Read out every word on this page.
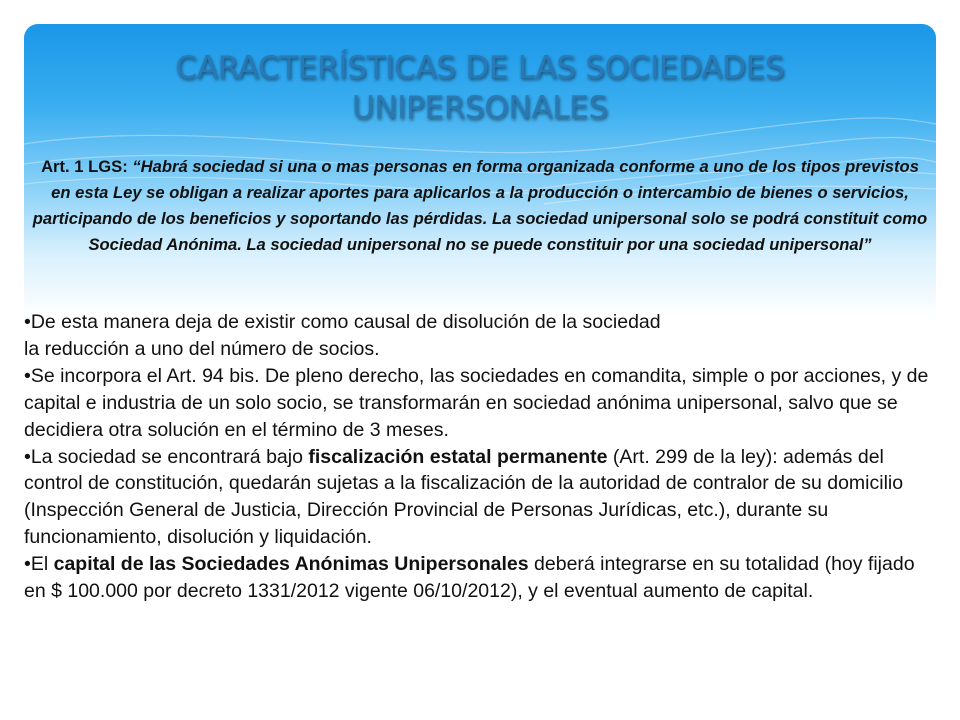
CARACTERÍSTICAS DE LAS SOCIEDADES
UNIPERSONALES
Art. 1 LGS: “Habrá sociedad si una o mas personas en forma organizada conforme a uno de los tipos previstos en esta Ley se obligan a realizar aportes para aplicarlos a la producción o intercambio de bienes o servicios, participando de los beneficios y soportando las pérdidas. La sociedad unipersonal solo se podrá constituit como Sociedad Anónima. La sociedad unipersonal no se puede constituir por una sociedad unipersonal”

•De esta manera deja de existir como causal de disolución de la sociedad
la reducción a uno del número de socios.

•Se incorpora el Art. 94 bis. De pleno derecho, las sociedades en comandita, simple o por acciones, y de capital e industria de un solo socio, se transformarán en sociedad anónima unipersonal, salvo que se decidiera otra solución en el término de 3 meses.

•La sociedad se encontrará bajo fiscalización estatal permanente (Art. 299 de la ley): además del control de constitución, quedarán sujetas a la fiscalización de la autoridad de contralor de su domicilio (Inspección General de Justicia, Dirección Provincial de Personas Jurídicas, etc.), durante su funcionamiento, disolución y liquidación.

•El capital de las Sociedades Anónimas Unipersonales deberá integrarse en su totalidad (hoy fijado en $ 100.000 por decreto 1331/2012 vigente 06/10/2012), y el eventual aumento de capital.
